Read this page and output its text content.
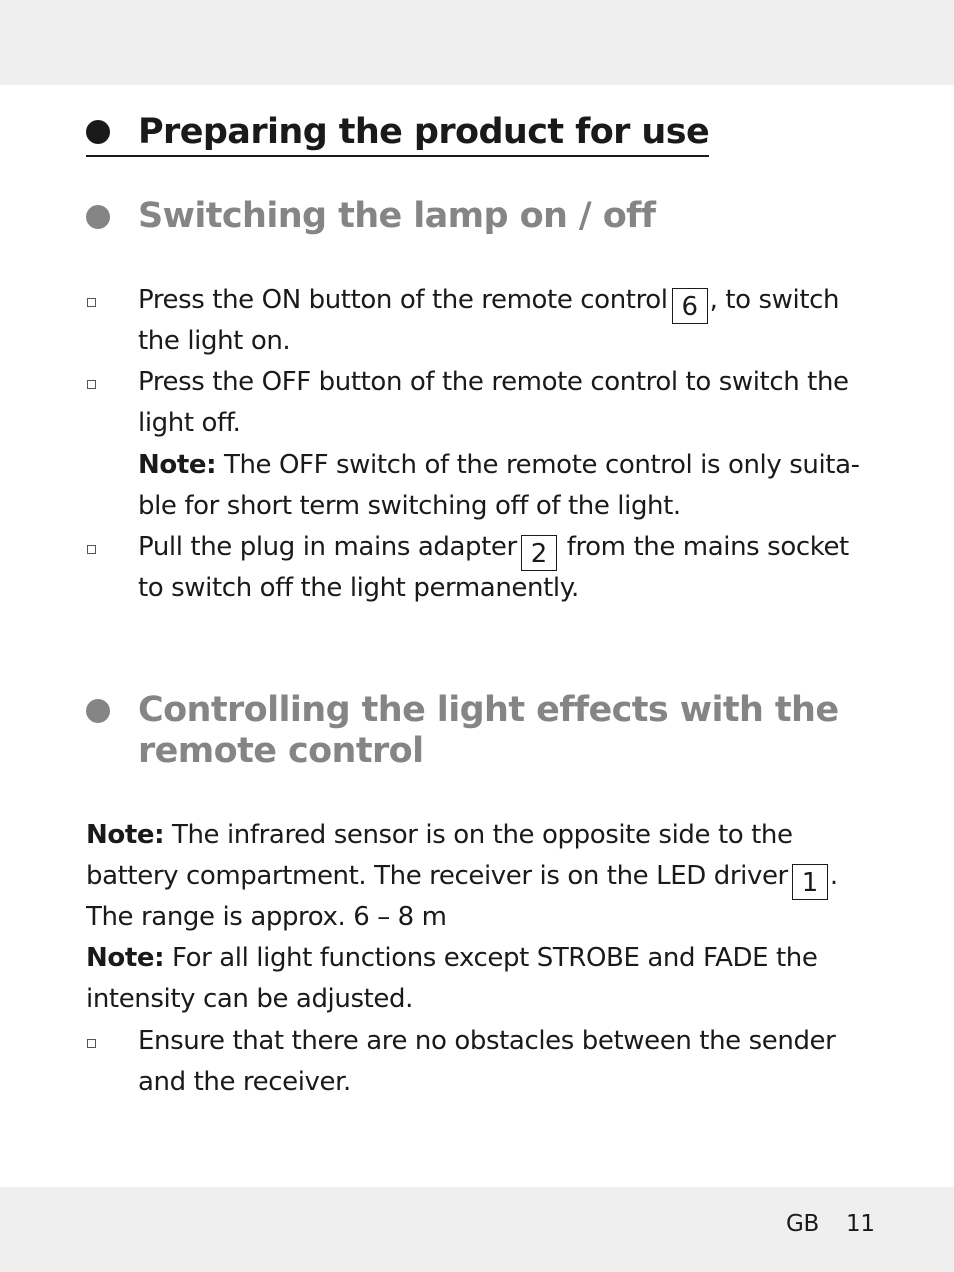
Preparing the product for use
Switching the lamp on / off
Press the ON button of the remote control 6 , to switch
the light on.
Press the OFF button of the remote control to switch the
light off.
Note: The OFF switch of the remote control is only suita-
ble for short term switching off of the light.
Pull the plug in mains adapter 2 from the mains socket
to switch off the light permanently.
Controlling the light effects with the
remote control
Note: The infrared sensor is on the opposite side to the
battery compartment. The receiver is on the LED driver 1 .
The range is approx. 6 – 8 m
Note: For all light functions except STROBE and FADE the
intensity can be adjusted.
Ensure that there are no obstacles between the sender
and the receiver.
GB 11
